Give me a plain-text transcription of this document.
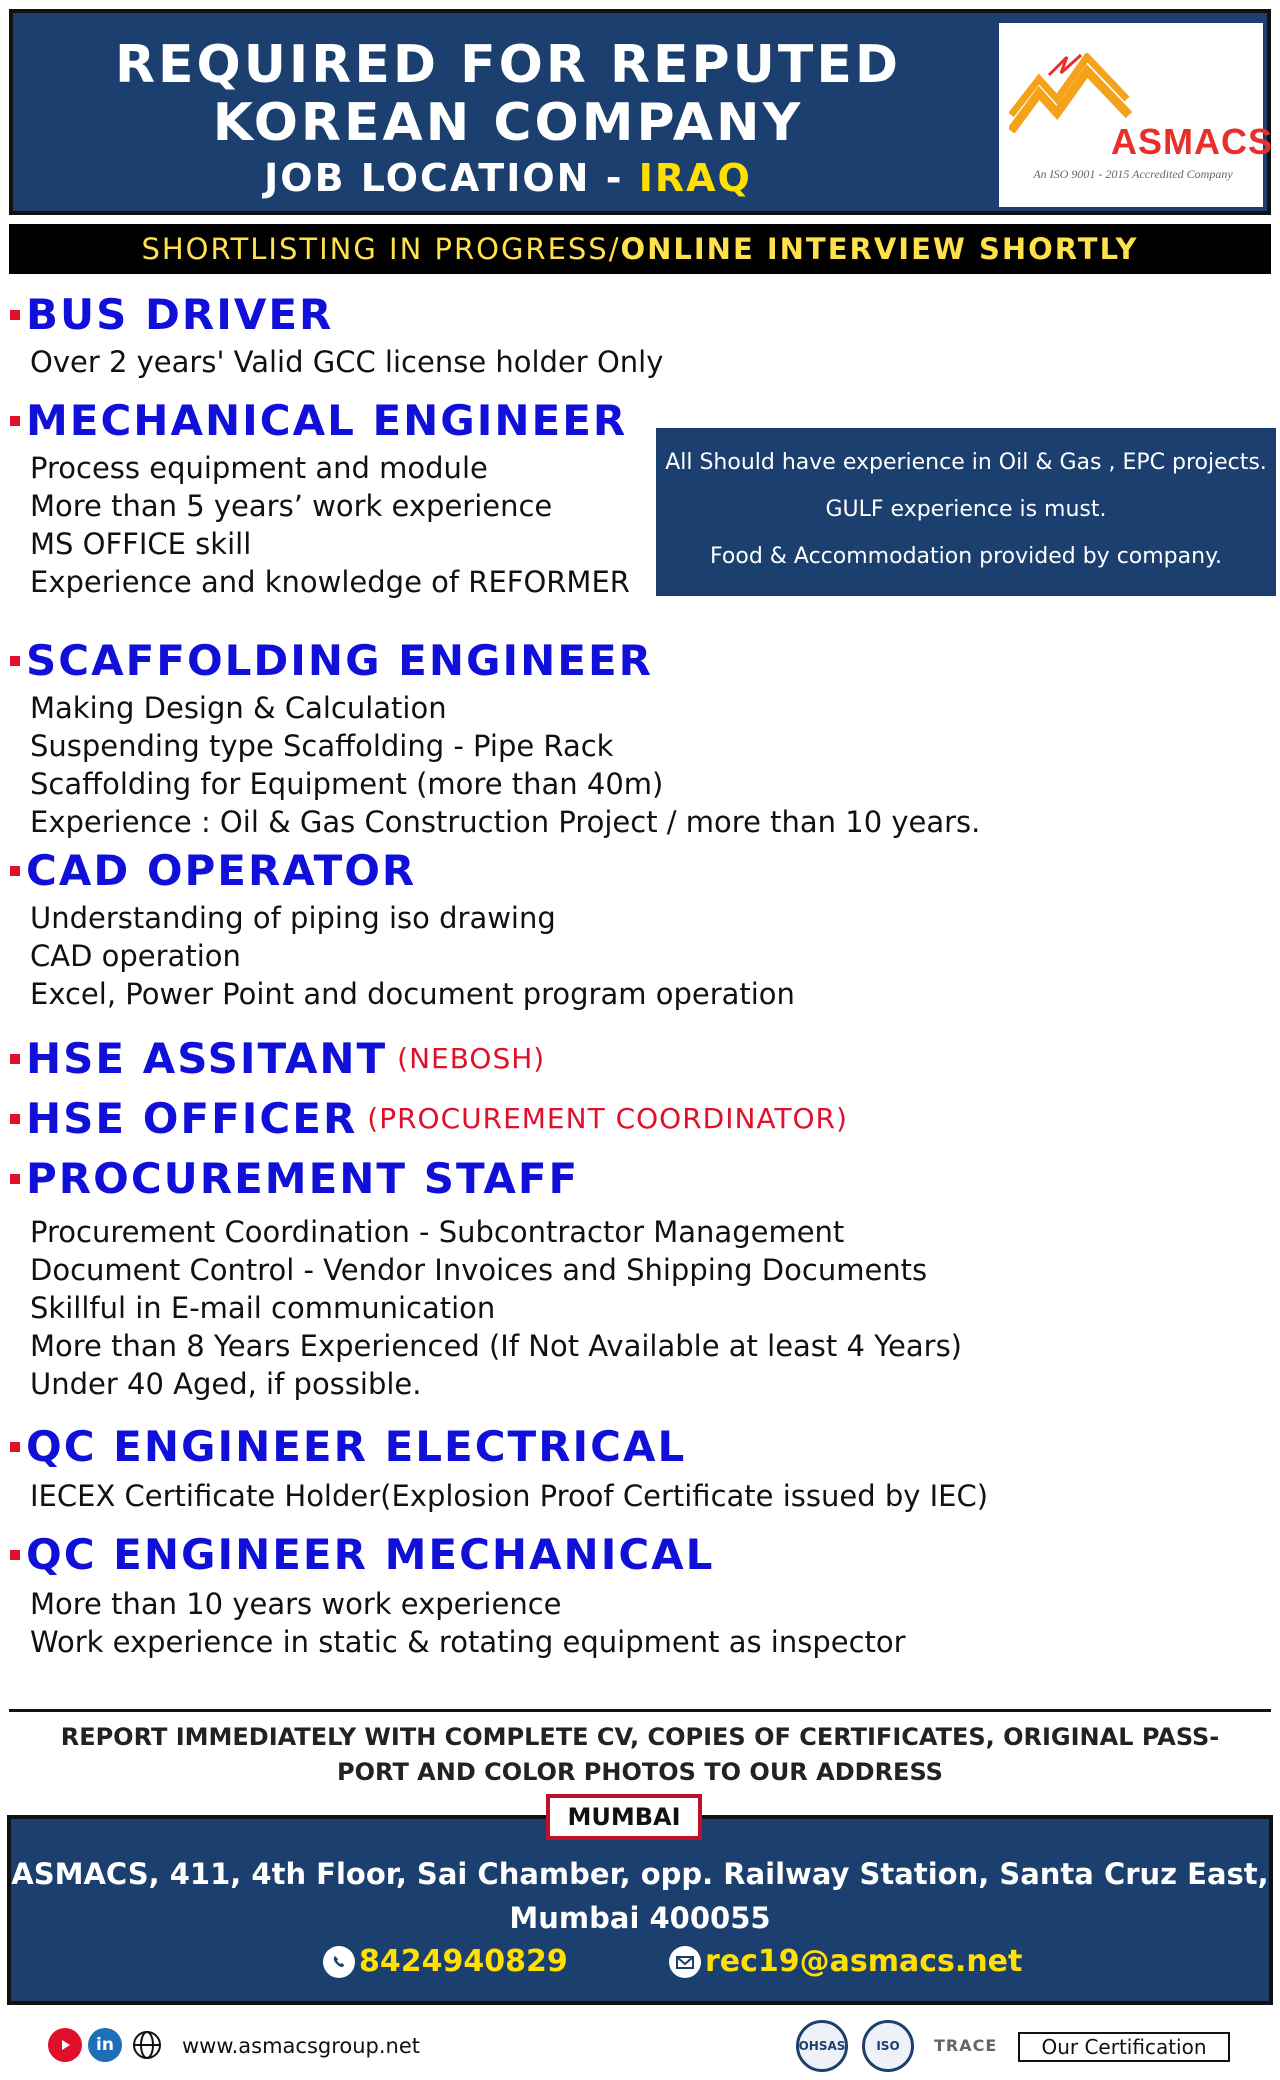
REQUIRED FOR REPUTED
KOREAN COMPANY
JOB LOCATION - IRAQ
ASMACS
An ISO 9001 - 2015 Accredited Company
SHORTLISTING IN PROGRESS/ONLINE INTERVIEW SHORTLY
BUS DRIVER
Over 2 years' Valid GCC license holder Only
MECHANICAL ENGINEER
Process equipment and module
More than 5 years’ work experience
MS OFFICE skill
Experience and knowledge of REFORMER
All Should have experience in Oil & Gas , EPC projects.
GULF experience is must.
Food & Accommodation provided by company.
SCAFFOLDING ENGINEER
Making Design & Calculation
Suspending type Scaffolding - Pipe Rack
Scaffolding for Equipment (more than 40m)
Experience : Oil & Gas Construction Project / more than 10 years.
CAD OPERATOR
Understanding of piping iso drawing
CAD operation
Excel, Power Point and document program operation
HSE ASSITANT (NEBOSH)
HSE OFFICER (PROCUREMENT COORDINATOR)
PROCUREMENT STAFF
Procurement Coordination - Subcontractor Management
Document Control - Vendor Invoices and Shipping Documents
Skillful in E-mail communication
More than 8 Years Experienced (If Not Available at least 4 Years)
Under 40 Aged, if possible.
QC ENGINEER ELECTRICAL
IECEX Certificate Holder(Explosion Proof Certificate issued by IEC)
QC ENGINEER MECHANICAL
More than 10 years work experience
Work experience in static & rotating equipment as inspector
REPORT IMMEDIATELY WITH COMPLETE CV, COPIES OF CERTIFICATES, ORIGINAL PASS-
PORT AND COLOR PHOTOS TO OUR ADDRESS
MUMBAI
ASMACS, 411, 4th Floor, Sai Chamber, opp. Railway Station, Santa Cruz East,
Mumbai 400055
8424940829	rec19@asmacs.net
in	www.asmacsgroup.net	OHSAS	ISO	TRACE	Our Certification
